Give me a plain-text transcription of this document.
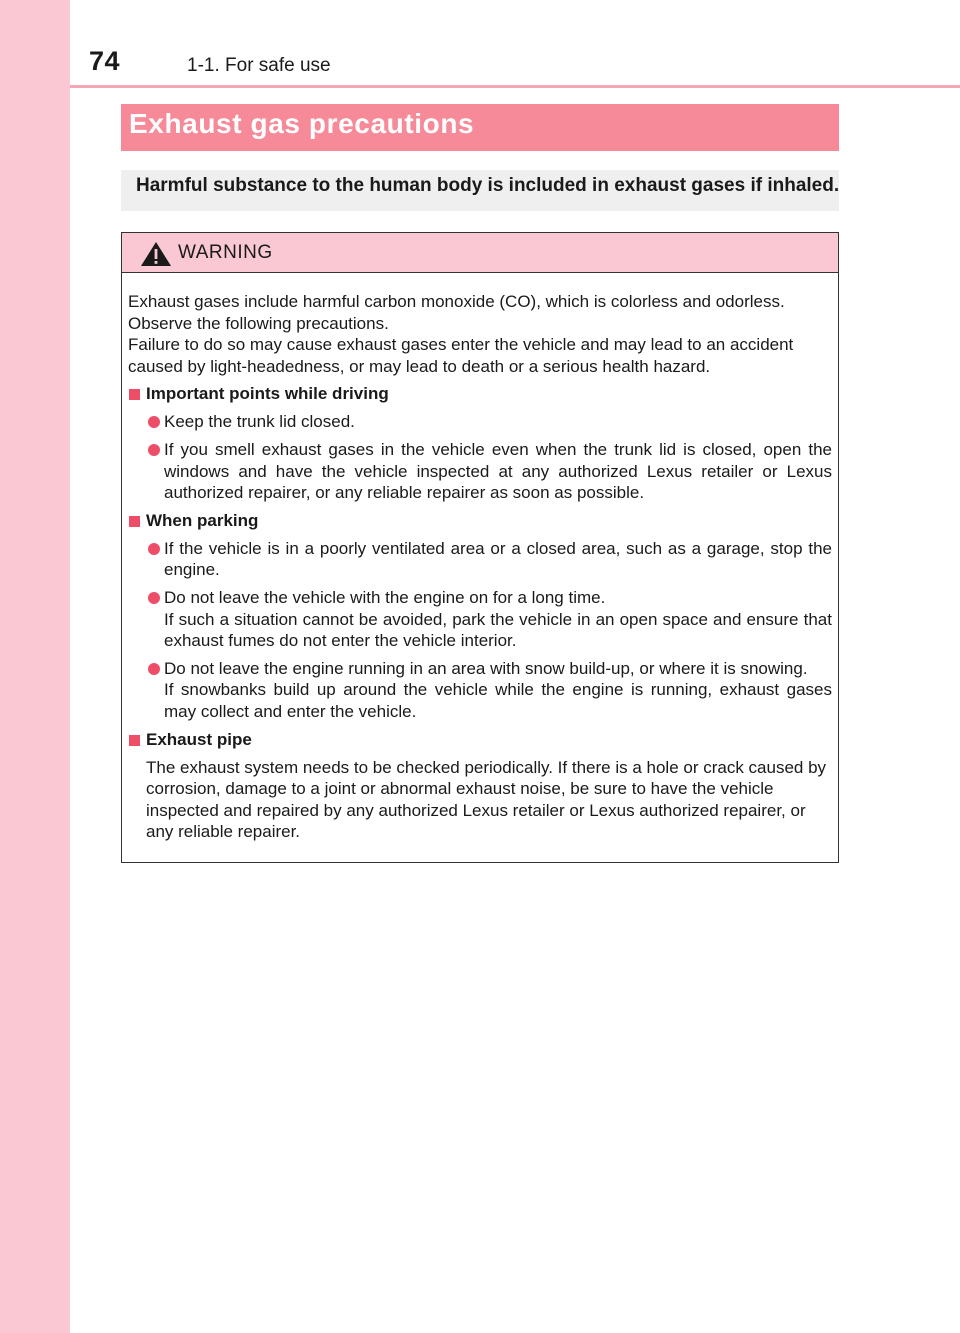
74	1-1. For safe use
Exhaust gas precautions
Harmful substance to the human body is included in exhaust gases if inhaled.
WARNING

Exhaust gases include harmful carbon monoxide (CO), which is colorless and odorless.

Observe the following precautions.

Failure to do so may cause exhaust gases enter the vehicle and may lead to an accident caused by light-headedness, or may lead to death or a serious health hazard.

Important points while driving
Keep the trunk lid closed.
If you smell exhaust gases in the vehicle even when the trunk lid is closed, open the windows and have the vehicle inspected at any authorized Lexus retailer or Lexus authorized repairer, or any reliable repairer as soon as possible.
When parking
If the vehicle is in a poorly ventilated area or a closed area, such as a garage, stop the engine.
Do not leave the vehicle with the engine on for a long time.
If such a situation cannot be avoided, park the vehicle in an open space and ensure that exhaust fumes do not enter the vehicle interior.
Do not leave the engine running in an area with snow build-up, or where it is snowing.
If snowbanks build up around the vehicle while the engine is running, exhaust gases may collect and enter the vehicle.
Exhaust pipe
The exhaust system needs to be checked periodically. If there is a hole or crack caused by corrosion, damage to a joint or abnormal exhaust noise, be sure to have the vehicle inspected and repaired by any authorized Lexus retailer or Lexus authorized repairer, or any reliable repairer.
